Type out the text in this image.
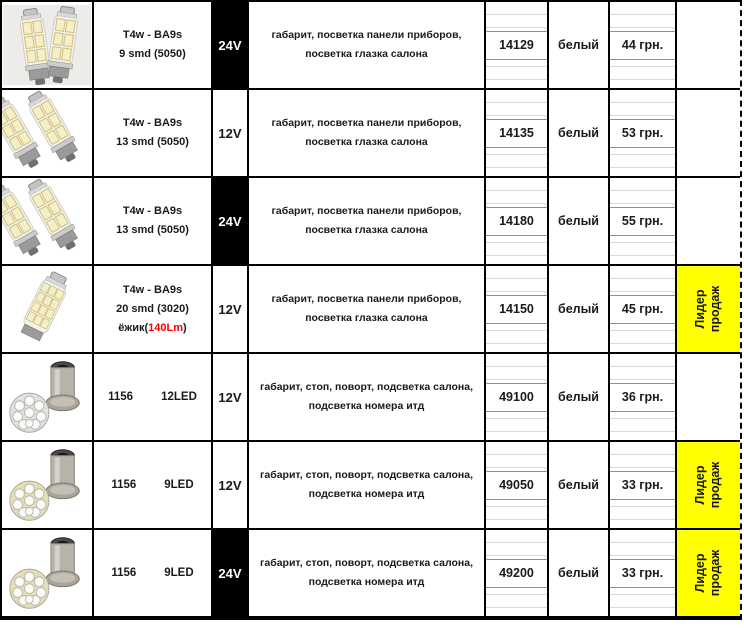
T4w - BA9s
9 smd (5050)
24V
габарит, посветка панели приборов,
посветка глазка салона
14129 белый 44 грн.
T4w - BA9s
13 smd (5050)
12V
габарит, посветка панели приборов,
посветка глазка салона
14135 белый 53 грн.
T4w - BA9s
13 smd (5050)
24V
габарит, посветка панели приборов,
посветка глазка салона
14180 белый 55 грн.
T4w - BA9s
20 smd (3020)
ёжик(140Lm)
12V
габарит, посветка панели приборов,
посветка глазка салона
14150 белый 45 грн. Лидер продаж
1156 12LED 12V
габарит, стоп, поворт, подсветка салона,
подсветка номера итд
49100 белый 36 грн.
1156 9LED 12V
габарит, стоп, поворт, подсветка салона,
подсветка номера итд
49050 белый 33 грн. Лидер продаж
1156 9LED 24V
габарит, стоп, поворт, подсветка салона,
подсветка номера итд
49200 белый 33 грн. Лидер продаж
